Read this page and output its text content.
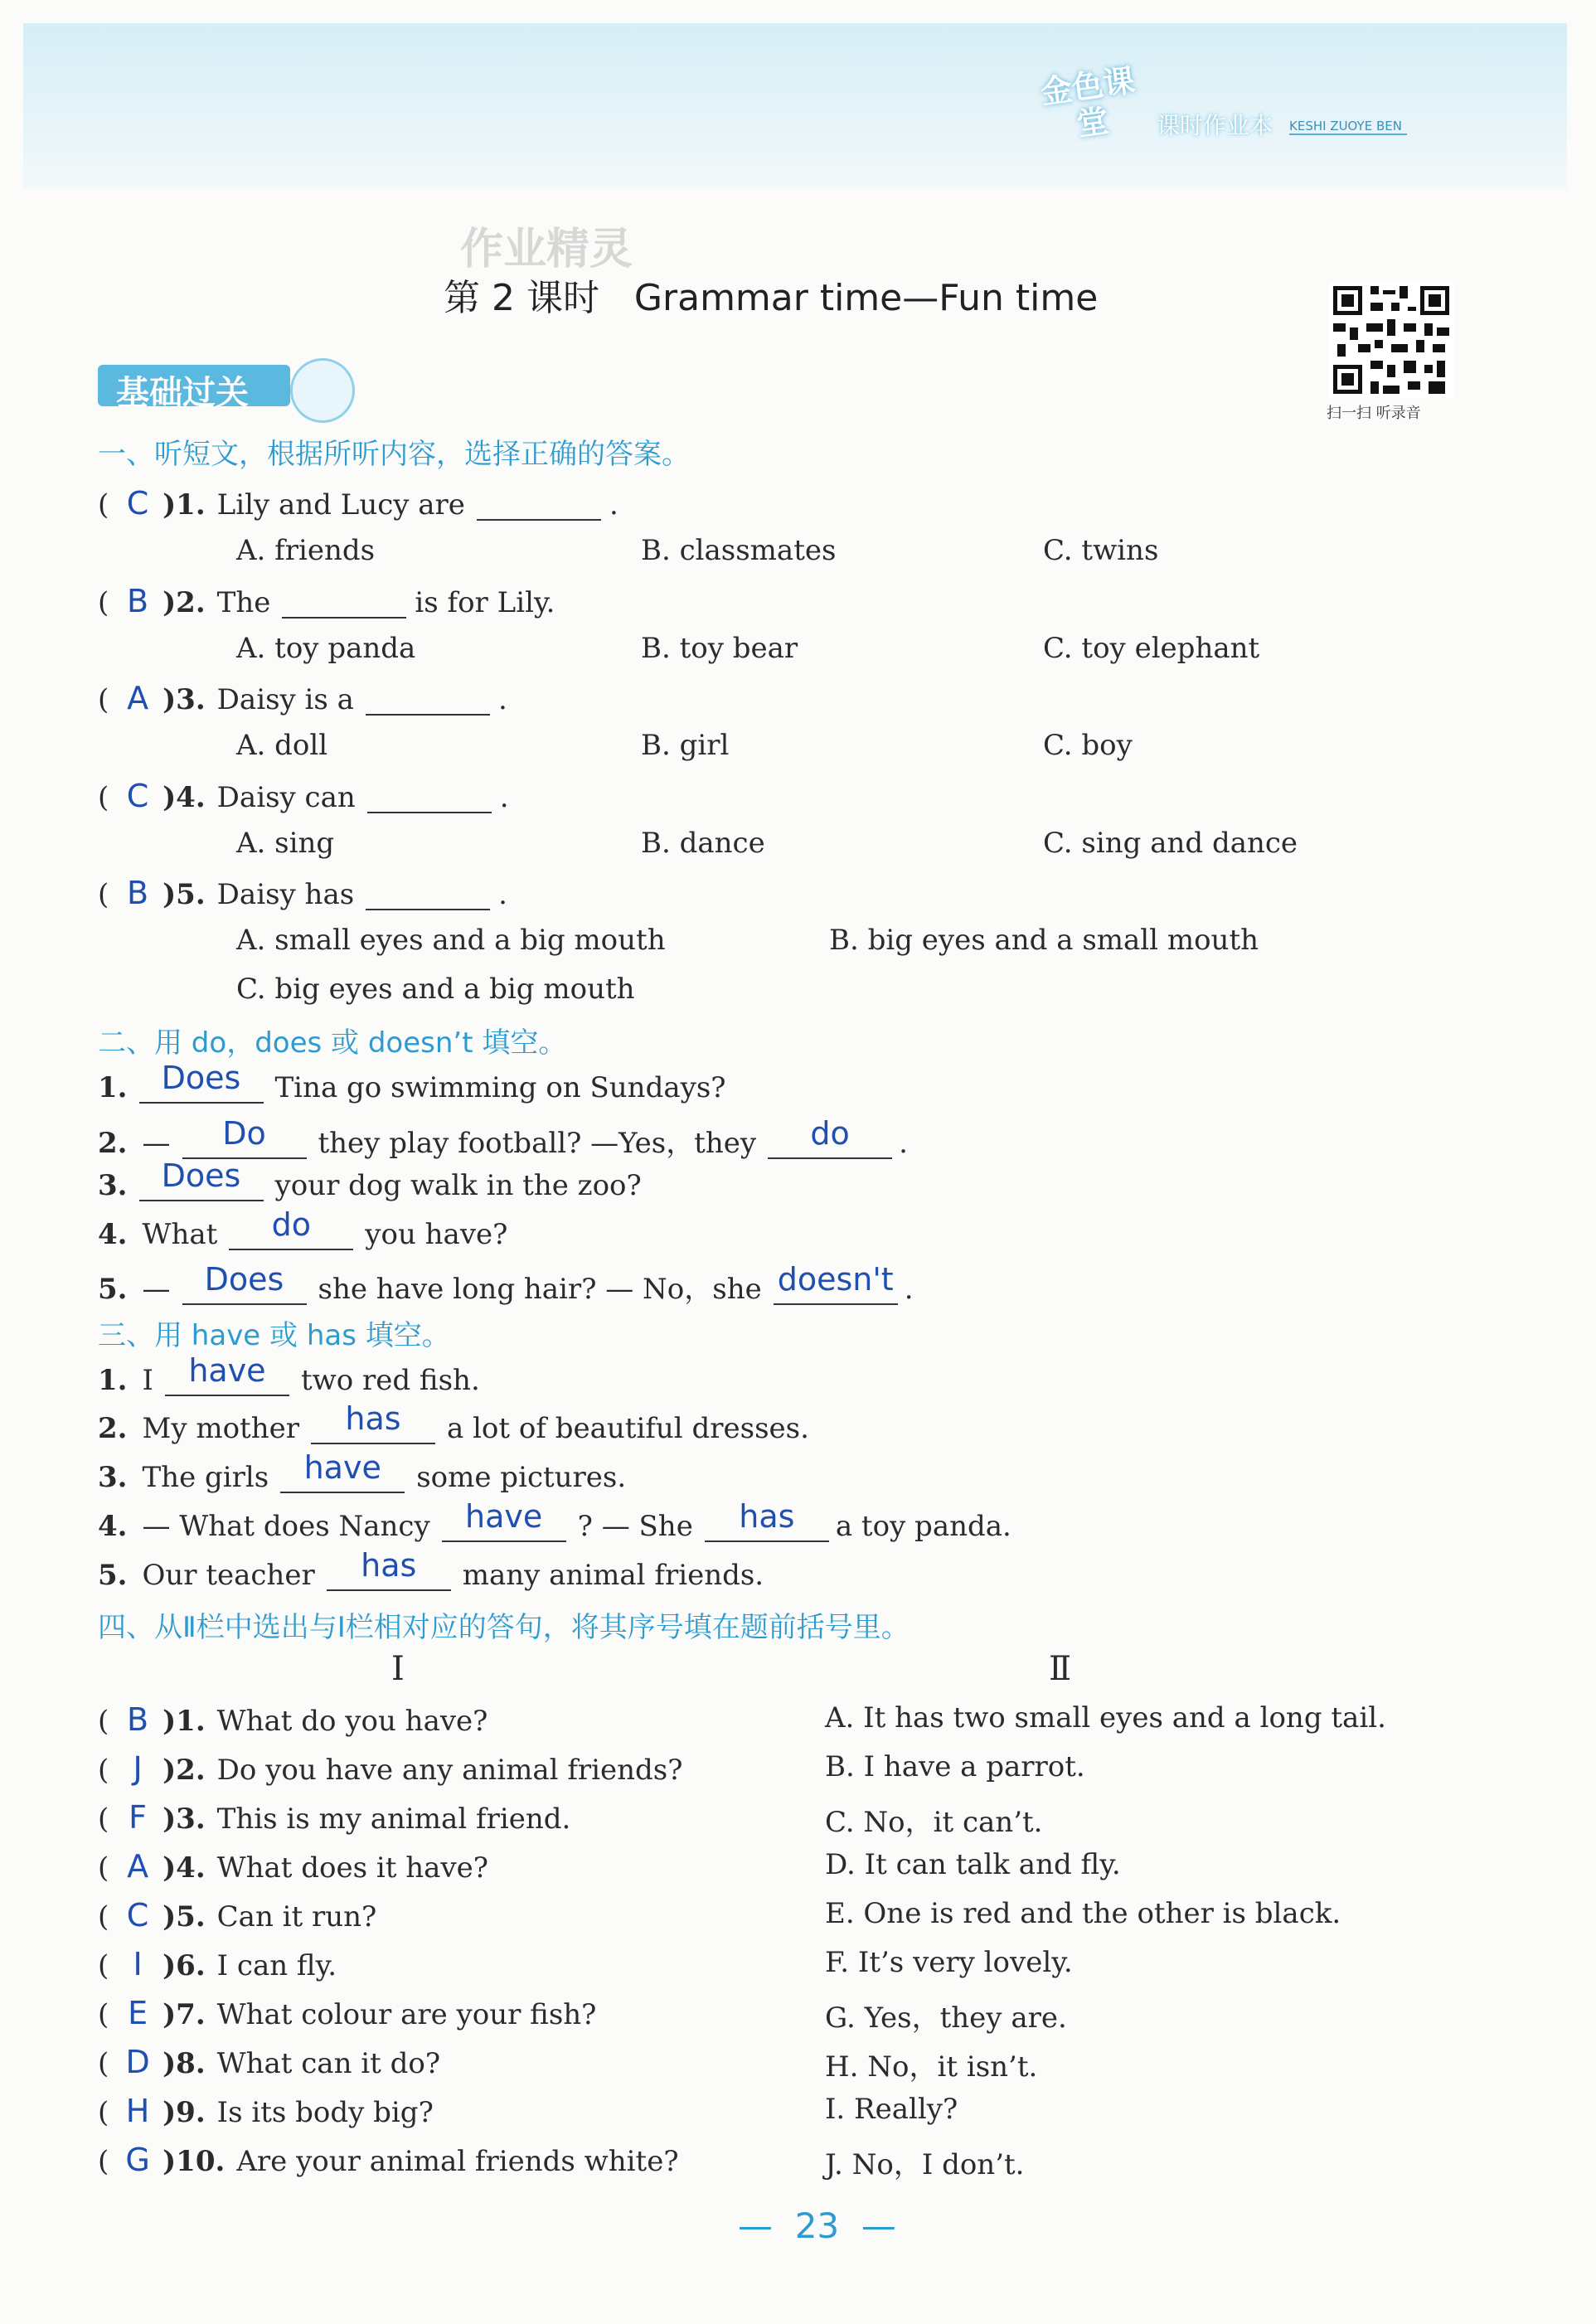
金色课堂	课时作业本 KESHI ZUOYE BEN
作业精灵
第 2 课时   Grammar time—Fun time
扫一扫 听录音
基础过关
一、听短文，根据所听内容，选择正确的答案。
( C )1. Lily and Lucy are	.
A. friends	B. classmates	C. twins
( B )2. The	is for Lily.
A. toy panda	B. toy bear	C. toy elephant
( A )3. Daisy is a	.
A. doll	B. girl	C. boy
( C )4. Daisy can	.
A. sing	B. dance	C. sing and dance
( B )5. Daisy has	.
A. small eyes and a big mouth	B. big eyes and a small mouth
C. big eyes and a big mouth
二、用 do，does 或 doesn’t 填空。
1. Does Tina go swimming on Sundays?
2. — Do they play football? —Yes，they do .
3. Does your dog walk in the zoo?
4. What do you have?
5. — Does she have long hair? — No，she doesn't .
三、用 have 或 has 填空。
1. I have two red fish.
2. My mother has a lot of beautiful dresses.
3. The girls have some pictures.
4. — What does Nancy have ? — She has a toy panda.
5. Our teacher has many animal friends.
四、从Ⅱ栏中选出与Ⅰ栏相对应的答句，将其序号填在题前括号里。
Ⅰ	Ⅱ
( B )1. What do you have?	A. It has two small eyes and a long tail.
( J )2. Do you have any animal friends?	B. I have a parrot.
( F )3. This is my animal friend.	C. No，it can’t.
( A )4. What does it have?	D. It can talk and fly.
( C )5. Can it run?	E. One is red and the other is black.
( I )6. I can fly.	F. It’s very lovely.
( E )7. What colour are your fish?	G. Yes，they are.
( D )8. What can it do?	H. No，it isn’t.
( H )9. Is its body big?	I. Really?
( G )10. Are your animal friends white?	J. No，I don’t.
—  23  —
